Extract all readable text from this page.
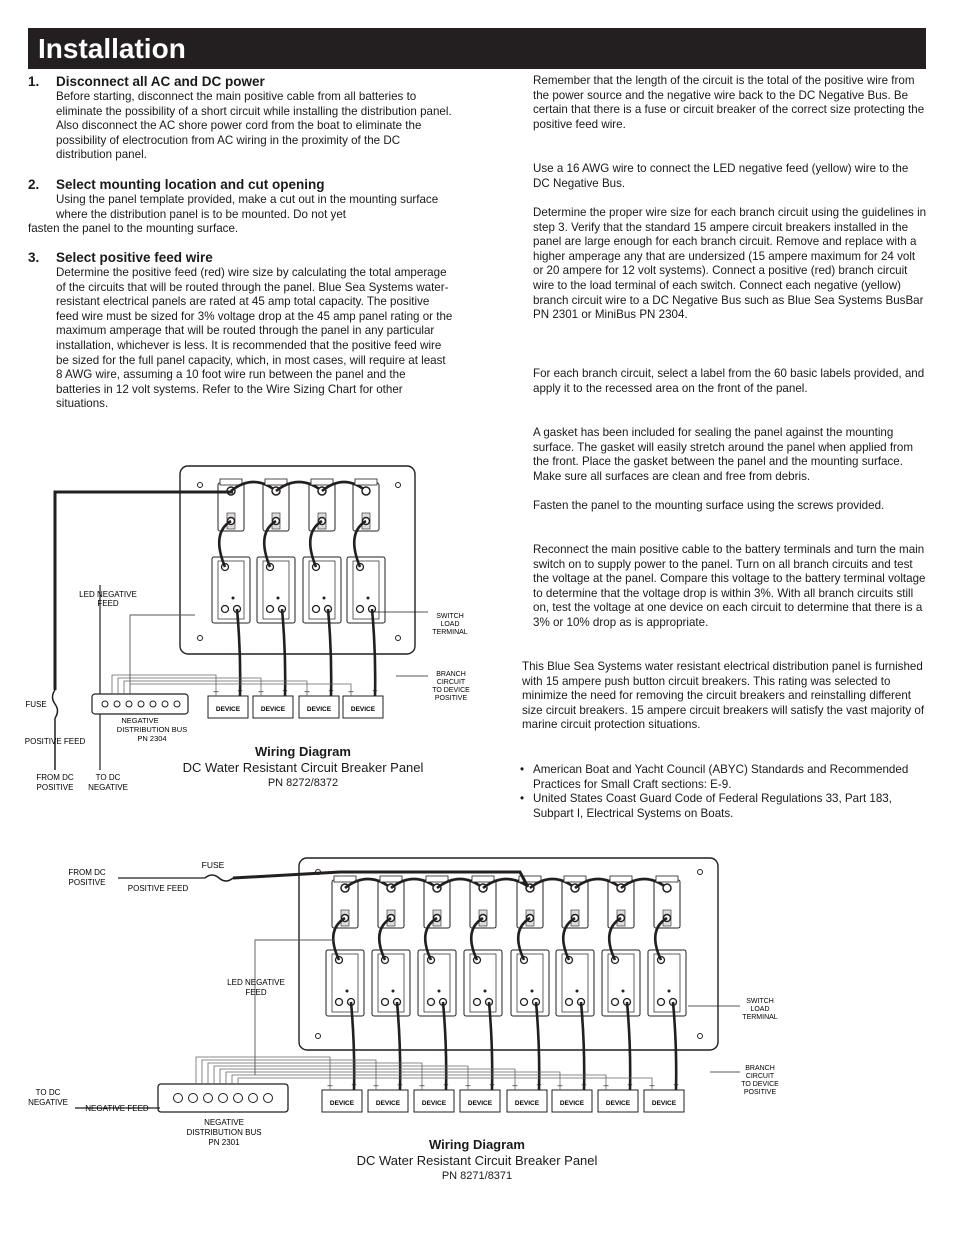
Installation
1. Disconnect all AC and DC power
Before starting, disconnect the main positive cable from all batteries to eliminate the possibility of a short circuit while installing the distribution panel. Also disconnect the AC shore power cord from the boat to eliminate the possibility of electrocution from AC wiring in the proximity of the DC distribution panel.
2. Select mounting location and cut opening
Using the panel template provided, make a cut out in the mounting surface where the distribution panel is to be mounted. Do not yet
fasten the panel to the mounting surface.
3. Select positive feed wire
Determine the positive feed (red) wire size by calculating the total amperage of the circuits that will be routed through the panel. Blue Sea Systems water-resistant electrical panels are rated at 45 amp total capacity. The positive feed wire must be sized for 3% voltage drop at the 45 amp panel rating or the maximum amperage that will be routed through the panel in any particular installation, whichever is less. It is recommended that the positive feed wire be sized for the full panel capacity, which, in most cases, will require at least 8 AWG wire, assuming a 10 foot wire run between the panel and the batteries in 12 volt systems. Refer to the Wire Sizing Chart for other situations.
Remember that the length of the circuit is the total of the positive wire from the power source and the negative wire back to the DC Negative Bus. Be certain that there is a fuse or circuit breaker of the correct size protecting the positive feed wire.
Use a 16 AWG wire to connect the LED negative feed (yellow) wire to the DC Negative Bus.
Determine the proper wire size for each branch circuit using the guidelines in step 3. Verify that the standard 15 ampere circuit breakers installed in the panel are large enough for each branch circuit. Remove and replace with a higher amperage any that are undersized (15 ampere maximum for 24 volt or 20 ampere for 12 volt systems). Connect a positive (red) branch circuit wire to the load terminal of each switch. Connect each negative (yellow) branch circuit wire to a DC Negative Bus such as Blue Sea Systems BusBar PN 2301 or MiniBus PN 2304.
For each branch circuit, select a label from the 60 basic labels provided, and apply it to the recessed area on the front of the panel.
A gasket has been included for sealing the panel against the mounting surface. The gasket will easily stretch around the panel when applied from the front. Place the gasket between the panel and the mounting surface. Make sure all surfaces are clean and free from debris.
Fasten the panel to the mounting surface using the screws provided.
Reconnect the main positive cable to the battery terminals and turn the main switch on to supply power to the panel. Turn on all branch circuits and test the voltage at the panel. Compare this voltage to the battery terminal voltage to determine that the voltage drop is within 3%. With all branch circuits still on, test the voltage at one device on each circuit to determine that there is a 3% or 10% drop as is appropriate.
This Blue Sea Systems water resistant electrical distribution panel is furnished with 15 ampere push button circuit breakers. This rating was selected to minimize the need for removing the circuit breakers and reinstalling different size circuit breakers. 15 ampere circuit breakers will satisfy the vast majority of marine circuit protection situations.
• American Boat and Yacht Council (ABYC) Standards and Recommended Practices for Small Craft sections: E-9.
• United States Coast Guard Code of Federal Regulations 33, Part 183, Subpart I, Electrical Systems on Boats.
DEVICE
– +
DEVICE
– +
DEVICE
– +
DEVICE
– +
LED NEGATIVE
FEED
SWITCH
LOAD
TERMINAL
BRANCH
CIRCUIT
TO DEVICE
POSITIVE
FUSE
POSITIVE FEED
NEGATIVE
DISTRIBUTION BUS
PN 2304
FROM DC
POSITIVE
TO DC
NEGATIVE
Wiring Diagram
DC Water Resistant Circuit Breaker Panel
PN 8272/8372
DEVICE
– +
DEVICE
– +
DEVICE
– +
DEVICE
– +
DEVICE
– +
DEVICE
– +
DEVICE
– +
DEVICE
– +
FROM DC
POSITIVE
FUSE
POSITIVE FEED
LED NEGATIVE
FEED
SWITCH
LOAD
TERMINAL
BRANCH
CIRCUIT
TO DEVICE
POSITIVE
TO DC
NEGATIVE
NEGATIVE FEED
NEGATIVE
DISTRIBUTION BUS
PN 2301	Wiring Diagram
DC Water Resistant Circuit Breaker Panel
PN 8271/8371
